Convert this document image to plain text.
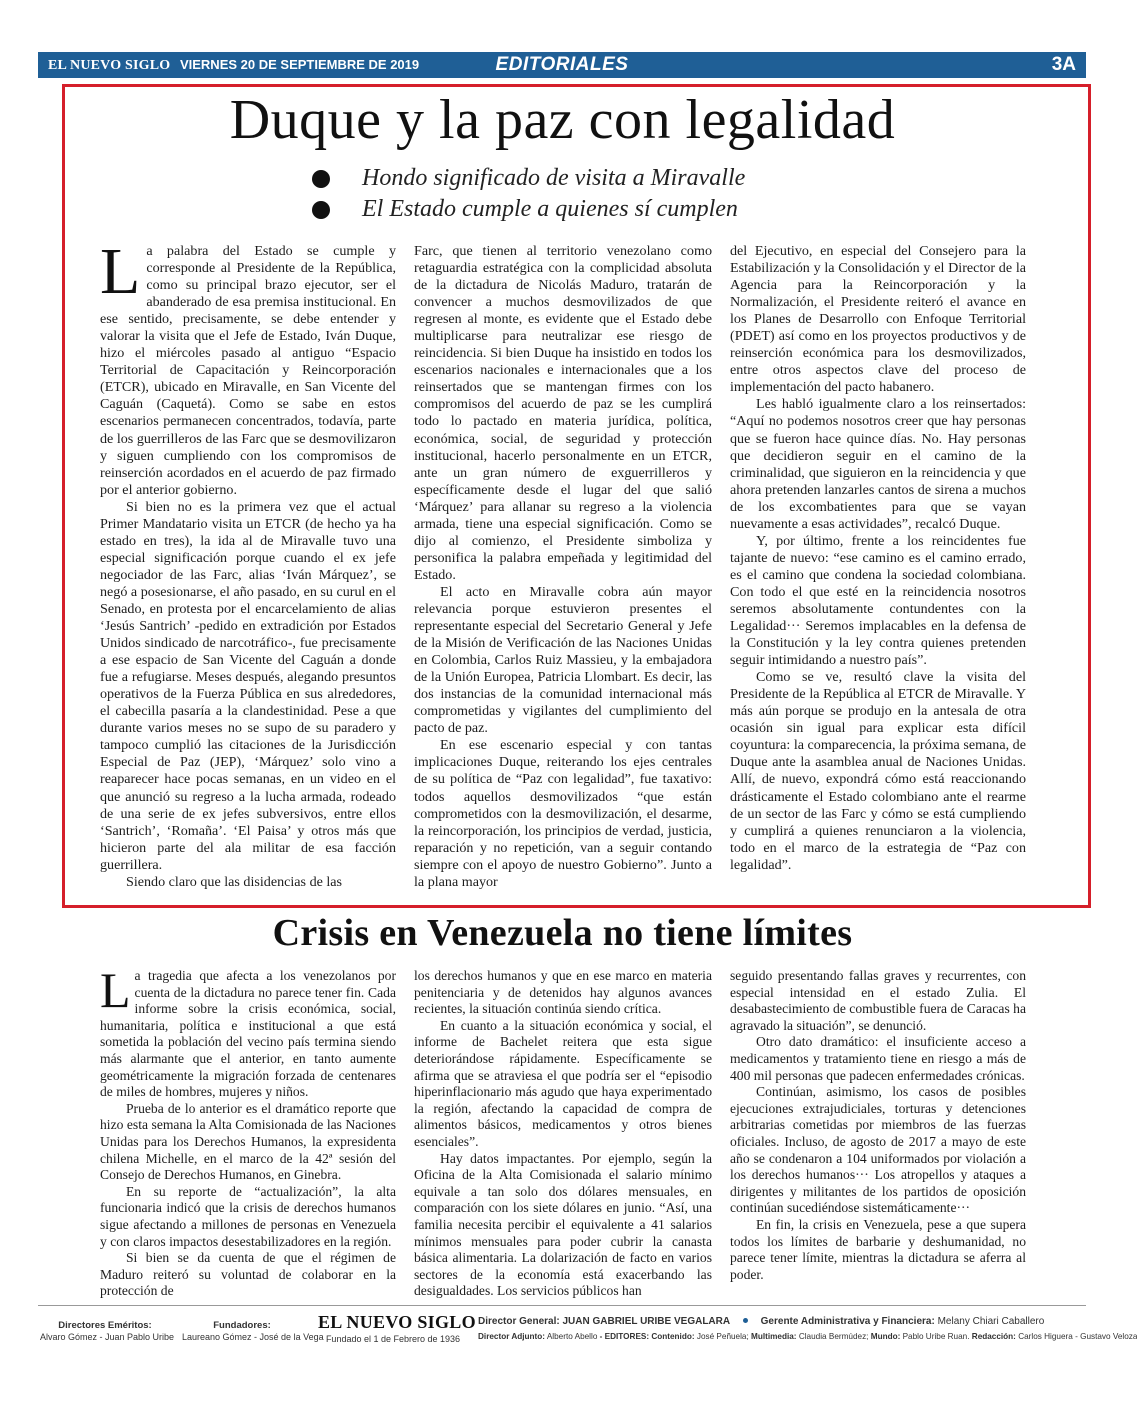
EL NUEVO SIGLO VIERNES 20 DE SEPTIEMBRE DE 2019	EDITORIALES	3A
Duque y la paz con legalidad
Hondo significado de visita a Miravalle
El Estado cumple a quienes sí cumplen

La palabra del Estado se cumple y corresponde al Presidente de la República, como su principal brazo ejecutor, ser el abanderado de esa premisa institucional. En ese sentido, precisamente, se debe entender y valorar la visita que el Jefe de Estado, Iván Duque, hizo el miércoles pasado al antiguo “Espacio Territorial de Capacitación y Reincorporación (ETCR), ubicado en Miravalle, en San Vicente del Caguán (Caquetá). Como se sabe en estos escenarios permanecen concentrados, todavía, parte de los guerrilleros de las Farc que se desmovilizaron y siguen cumpliendo con los compromisos de reinserción acordados en el acuerdo de paz firmado por el anterior gobierno.

Si bien no es la primera vez que el actual Primer Mandatario visita un ETCR (de hecho ya ha estado en tres), la ida al de Miravalle tuvo una especial significación porque cuando el ex jefe negociador de las Farc, alias ‘Iván Márquez’, se negó a posesionarse, el año pasado, en su curul en el Senado, en protesta por el encarcelamiento de alias ‘Jesús Santrich’ -pedido en extradición por Estados Unidos sindicado de narcotráfico-, fue precisamente a ese espacio de San Vicente del Caguán a donde fue a refugiarse. Meses después, alegando presuntos operativos de la Fuerza Pública en sus alrededores, el cabecilla pasaría a la clandestinidad. Pese a que durante varios meses no se supo de su paradero y tampoco cumplió las citaciones de la Jurisdicción Especial de Paz (JEP), ‘Márquez’ solo vino a reaparecer hace pocas semanas, en un video en el que anunció su regreso a la lucha armada, rodeado de una serie de ex jefes subversivos, entre ellos ‘Santrich’, ‘Romaña’. ‘El Paisa’ y otros más que hicieron parte del ala militar de esa facción guerrillera.

Siendo claro que las disidencias de las

Farc, que tienen al territorio venezolano como retaguardia estratégica con la complicidad absoluta de la dictadura de Nicolás Maduro, tratarán de convencer a muchos desmovilizados de que regresen al monte, es evidente que el Estado debe multiplicarse para neutralizar ese riesgo de reincidencia. Si bien Duque ha insistido en todos los escenarios nacionales e internacionales que a los reinsertados que se mantengan firmes con los compromisos del acuerdo de paz se les cumplirá todo lo pactado en materia jurídica, política, económica, social, de seguridad y protección institucional, hacerlo personalmente en un ETCR, ante un gran número de exguerrilleros y específicamente desde el lugar del que salió ‘Márquez’ para allanar su regreso a la violencia armada, tiene una especial significación. Como se dijo al comienzo, el Presidente simboliza y personifica la palabra empeñada y legitimidad del Estado.

El acto en Miravalle cobra aún mayor relevancia porque estuvieron presentes el representante especial del Secretario General y Jefe de la Misión de Verificación de las Naciones Unidas en Colombia, Carlos Ruiz Massieu, y la embajadora de la Unión Europea, Patricia Llombart. Es decir, las dos instancias de la comunidad internacional más comprometidas y vigilantes del cumplimiento del pacto de paz.

En ese escenario especial y con tantas implicaciones Duque, reiterando los ejes centrales de su política de “Paz con legalidad”, fue taxativo: todos aquellos desmovilizados “que están comprometidos con la desmovilización, el desarme, la reincorporación, los principios de verdad, justicia, reparación y no repetición, van a seguir contando siempre con el apoyo de nuestro Gobierno”. Junto a la plana mayor

del Ejecutivo, en especial del Consejero para la Estabilización y la Consolidación y el Director de la Agencia para la Reincorporación y la Normalización, el Presidente reiteró el avance en los Planes de Desarrollo con Enfoque Territorial (PDET) así como en los proyectos productivos y de reinserción económica para los desmovilizados, entre otros aspectos clave del proceso de implementación del pacto habanero.

Les habló igualmente claro a los reinsertados: “Aquí no podemos nosotros creer que hay personas que se fueron hace quince días. No. Hay personas que decidieron seguir en el camino de la criminalidad, que siguieron en la reincidencia y que ahora pretenden lanzarles cantos de sirena a muchos de los excombatientes para que se vayan nuevamente a esas actividades”, recalcó Duque.

Y, por último, frente a los reincidentes fue tajante de nuevo: “ese camino es el camino errado, es el camino que condena la sociedad colombiana. Con todo el que esté en la reincidencia nosotros seremos absolutamente contundentes con la Legalidad··· Seremos implacables en la defensa de la Constitución y la ley contra quienes pretenden seguir intimidando a nuestro país”.

Como se ve, resultó clave la visita del Presidente de la República al ETCR de Miravalle. Y más aún porque se produjo en la antesala de otra ocasión sin igual para explicar esta difícil coyuntura: la comparecencia, la próxima semana, de Duque ante la asamblea anual de Naciones Unidas. Allí, de nuevo, expondrá cómo está reaccionando drásticamente el Estado colombiano ante el rearme de un sector de las Farc y cómo se está cumpliendo y cumplirá a quienes renunciaron a la violencia, todo en el marco de la estrategia de “Paz con legalidad”.

Crisis en Venezuela no tiene límites

La tragedia que afecta a los venezolanos por cuenta de la dictadura no parece tener fin. Cada informe sobre la crisis económica, social, humanitaria, política e institucional a que está sometida la población del vecino país termina siendo más alarmante que el anterior, en tanto aumente geométricamente la migración forzada de centenares de miles de hombres, mujeres y niños.

Prueba de lo anterior es el dramático reporte que hizo esta semana la Alta Comisionada de las Naciones Unidas para los Derechos Humanos, la expresidenta chilena Michelle, en el marco de la 42ª sesión del Consejo de Derechos Humanos, en Ginebra.

En su reporte de “actualización”, la alta funcionaria indicó que la crisis de derechos humanos sigue afectando a millones de personas en Venezuela y con claros impactos desestabilizadores en la región.

Si bien se da cuenta de que el régimen de Maduro reiteró su voluntad de colaborar en la protección de

los derechos humanos y que en ese marco en materia penitenciaria y de detenidos hay algunos avances recientes, la situación continúa siendo crítica.

En cuanto a la situación económica y social, el informe de Bachelet reitera que esta sigue deteriorándose rápidamente. Específicamente se afirma que se atraviesa el que podría ser el “episodio hiperinflacionario más agudo que haya experimentado la región, afectando la capacidad de compra de alimentos básicos, medicamentos y otros bienes esenciales”.

Hay datos impactantes. Por ejemplo, según la Oficina de la Alta Comisionada el salario mínimo equivale a tan solo dos dólares mensuales, en comparación con los siete dólares en junio. “Así, una familia necesita percibir el equivalente a 41 salarios mínimos mensuales para poder cubrir la canasta básica alimentaria. La dolarización de facto en varios sectores de la economía está exacerbando las desigualdades. Los servicios públicos han

seguido presentando fallas graves y recurrentes, con especial intensidad en el estado Zulia. El desabastecimiento de combustible fuera de Caracas ha agravado la situación”, se denunció.

Otro dato dramático: el insuficiente acceso a medicamentos y tratamiento tiene en riesgo a más de 400 mil personas que padecen enfermedades crónicas.

Continúan, asimismo, los casos de posibles ejecuciones extrajudiciales, torturas y detenciones arbitrarias cometidas por miembros de las fuerzas oficiales. Incluso, de agosto de 2017 a mayo de este año se condenaron a 104 uniformados por violación a los derechos humanos··· Los atropellos y ataques a dirigentes y militantes de los partidos de oposición continúan sucediéndose sistemáticamente···

En fin, la crisis en Venezuela, pese a que supera todos los límites de barbarie y deshumanidad, no parece tener límite, mientras la dictadura se aferra al poder.

Directores Eméritos:
Alvaro Gómez - Juan Pablo Uribe
Fundadores:
Laureano Gómez - José de la Vega
EL NUEVO SIGLO
Fundado el 1 de Febrero de 1936
Director General: JUAN GABRIEL URIBE VEGALARA	Gerente Administrativa y Financiera: Melany Chiari Caballero
Director Adjunto: Alberto Abello - EDITORES: Contenido: José Peñuela; Multimedia: Claudia Bermúdez; Mundo: Pablo Uribe Ruan. Redacción: Carlos Higuera - Gustavo Veloza
